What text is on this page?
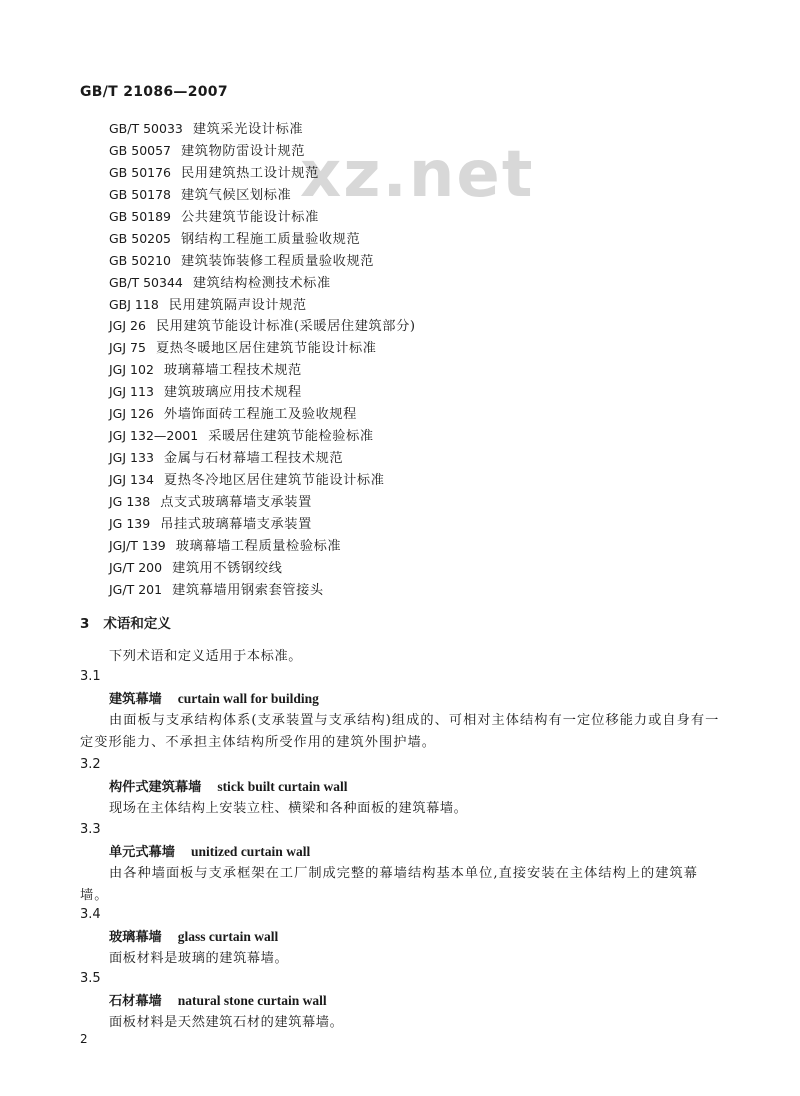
GB/T 21086—2007
xz.net
GB/T 50033 建筑采光设计标准
GB 50057 建筑物防雷设计规范
GB 50176 民用建筑热工设计规范
GB 50178 建筑气候区划标准
GB 50189 公共建筑节能设计标准
GB 50205 钢结构工程施工质量验收规范
GB 50210 建筑装饰装修工程质量验收规范
GB/T 50344 建筑结构检测技术标准
GBJ 118 民用建筑隔声设计规范
JGJ 26 民用建筑节能设计标准(采暖居住建筑部分)
JGJ 75 夏热冬暖地区居住建筑节能设计标准
JGJ 102 玻璃幕墙工程技术规范
JGJ 113 建筑玻璃应用技术规程
JGJ 126 外墙饰面砖工程施工及验收规程
JGJ 132—2001 采暖居住建筑节能检验标准
JGJ 133 金属与石材幕墙工程技术规范
JGJ 134 夏热冬冷地区居住建筑节能设计标准
JG 138 点支式玻璃幕墙支承装置
JG 139 吊挂式玻璃幕墙支承装置
JGJ/T 139 玻璃幕墙工程质量检验标准
JG/T 200 建筑用不锈钢绞线
JG/T 201 建筑幕墙用钢索套管接头
3 术语和定义
下列术语和定义适用于本标准。
3.1
建筑幕墙 curtain wall for building

由面板与支承结构体系(支承装置与支承结构)组成的、可相对主体结构有一定位移能力或自身有一定变形能力、不承担主体结构所受作用的建筑外围护墙。

3.2
构件式建筑幕墙 stick built curtain wall

现场在主体结构上安装立柱、横梁和各种面板的建筑幕墙。

3.3
单元式幕墙 unitized curtain wall

由各种墙面板与支承框架在工厂制成完整的幕墙结构基本单位,直接安装在主体结构上的建筑幕墙。

3.4
玻璃幕墙 glass curtain wall

面板材料是玻璃的建筑幕墙。

3.5
石材幕墙 natural stone curtain wall

面板材料是天然建筑石材的建筑幕墙。

2
